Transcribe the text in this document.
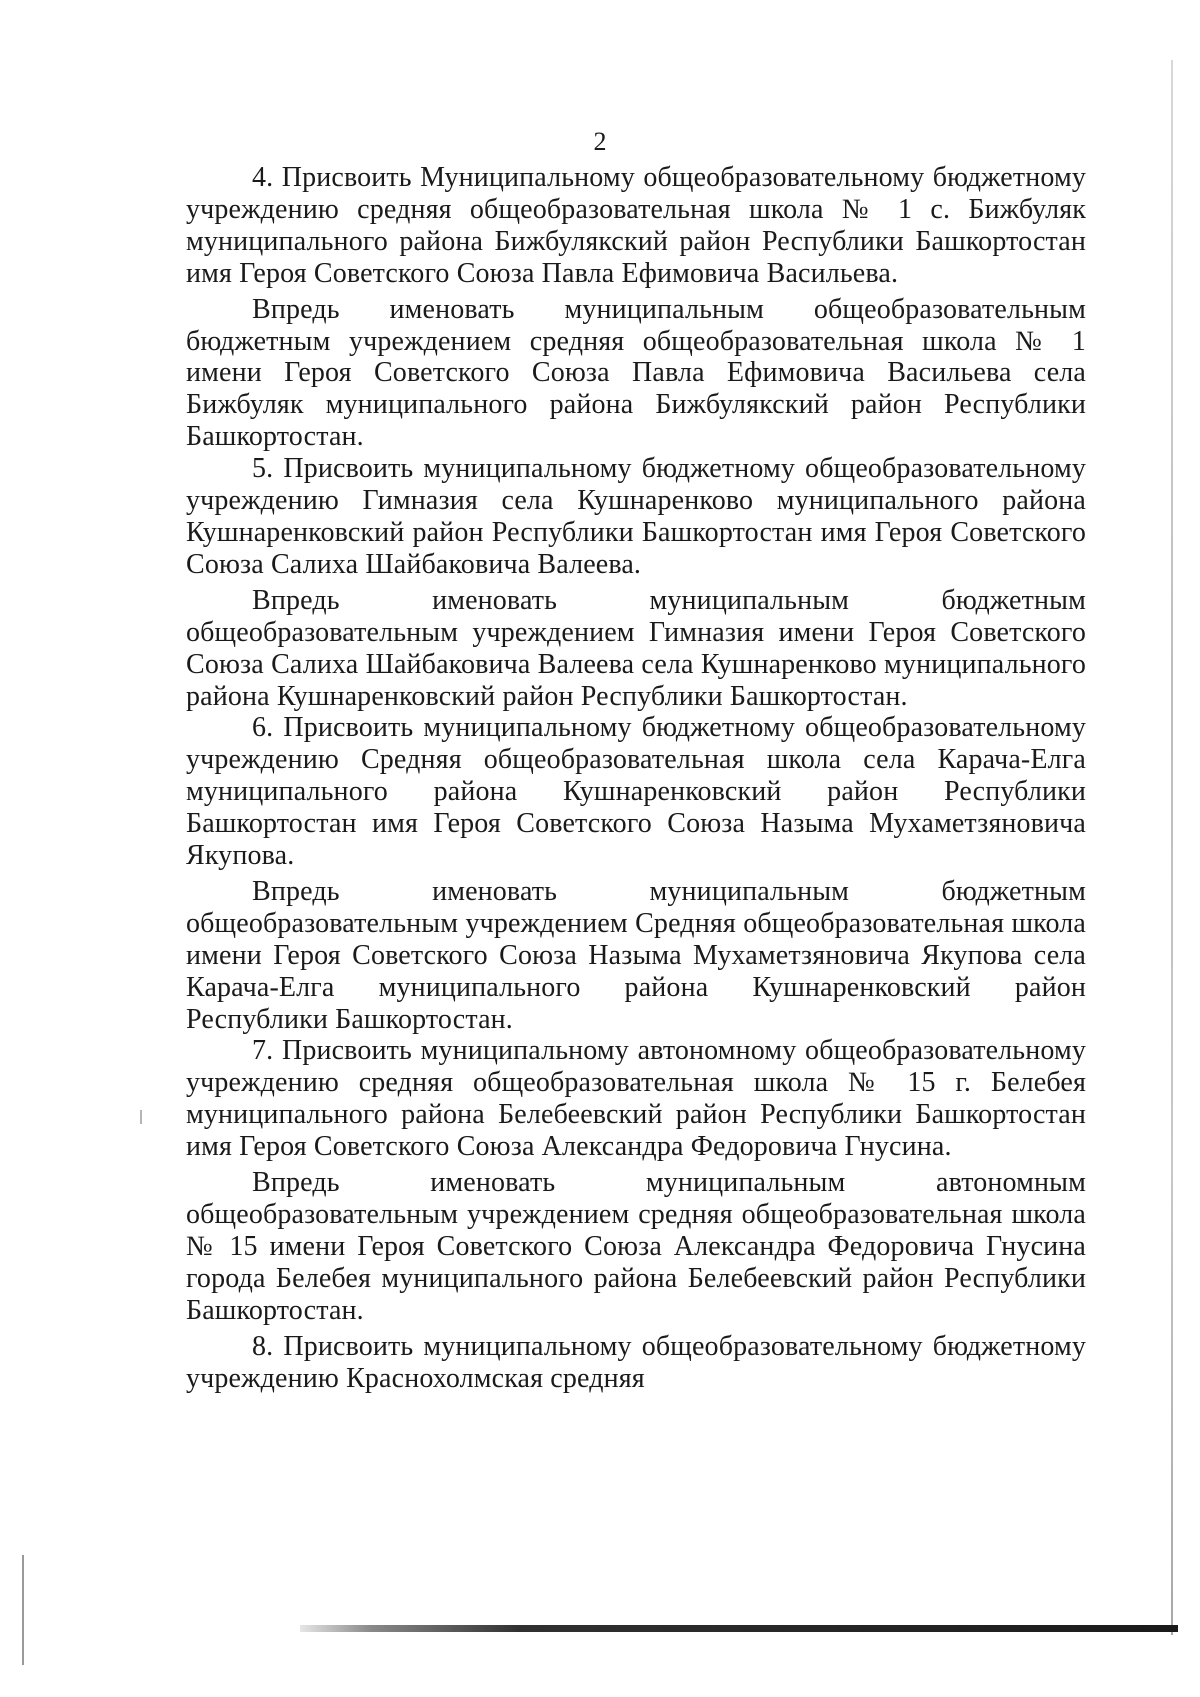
2

4. Присвоить Муниципальному общеобразовательному бюджетному учреждению средняя общеобразовательная школа № 1 с. Бижбуляк муниципального района Бижбулякский район Республики Башкортостан имя Героя Советского Союза Павла Ефимовича Васильева.

Впредь именовать муниципальным общеобразовательным бюджетным учреждением средняя общеобразовательная школа № 1 имени Героя Советского Союза Павла Ефимовича Васильева села Бижбуляк муниципального района Бижбулякский район Республики Башкортостан.

5. Присвоить муниципальному бюджетному общеобразовательному учреждению Гимназия села Кушнаренково муниципального района Кушнаренковский район Республики Башкортостан имя Героя Советского Союза Салиха Шайбаковича Валеева.

Впредь именовать муниципальным бюджетным общеобразовательным учреждением Гимназия имени Героя Советского Союза Салиха Шайбаковича Валеева села Кушнаренково муниципального района Кушнаренковский район Республики Башкортостан.

6. Присвоить муниципальному бюджетному общеобразовательному учреждению Средняя общеобразовательная школа села Карача-Елга муниципального района Кушнаренковский район Республики Башкортостан имя Героя Советского Союза Назыма Мухаметзяновича Якупова.

Впредь именовать муниципальным бюджетным общеобразовательным учреждением Средняя общеобразовательная школа имени Героя Советского Союза Назыма Мухаметзяновича Якупова села Карача-Елга муниципального района Кушнаренковский район Республики Башкортостан.

7. Присвоить муниципальному автономному общеобразовательному учреждению средняя общеобразовательная школа № 15 г. Белебея муниципального района Белебеевский район Республики Башкортостан имя Героя Советского Союза Александра Федоровича Гнусина.

Впредь именовать муниципальным автономным общеобразовательным учреждением средняя общеобразовательная школа № 15 имени Героя Советского Союза Александра Федоровича Гнусина города Белебея муниципального района Белебеевский район Республики Башкортостан.

8. Присвоить муниципальному общеобразовательному бюджетному учреждению Краснохолмская средняя
